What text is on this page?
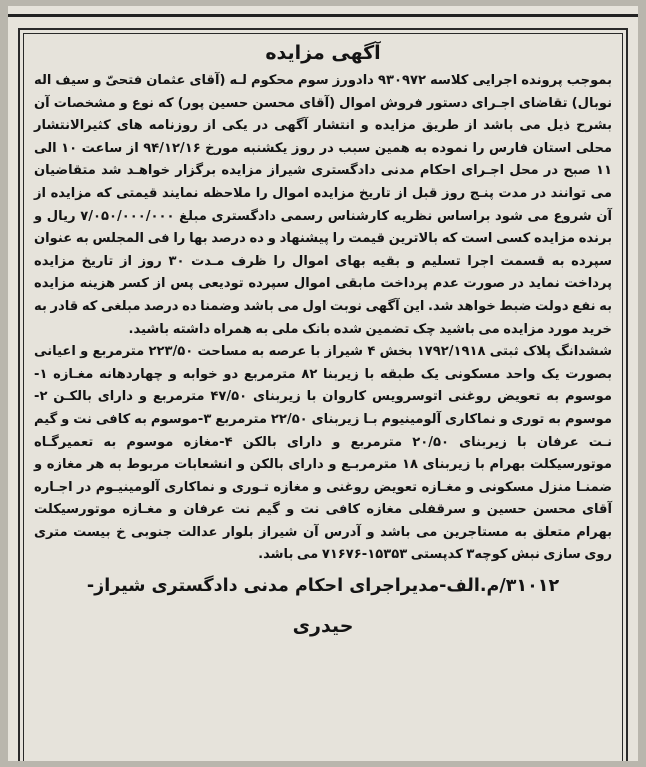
آگهی مزایده

بموجب پرونده اجرایی کلاسه ۹۳۰۹۷۲ دادورز سوم محکوم لـه (آقای عثمان فتحیّ و سیف اله نوبال) تقاضای اجـرای دستور فروش اموال (آقای محسن حسین پور) که نوع و مشخصات آن بشرح ذیل می باشد از طریق مزایده و انتشار آگهی در یکی از روزنامه های کثیرالانتشار محلی استان فارس را نموده به همین سبب در روز یکشنبه مورخ ۹۴/۱۲/۱۶ از ساعت ۱۰ الی ۱۱ صبح در محل اجـرای احکام مدنی دادگستری شیراز مزایده برگزار خواهـد شد متقاضیان می توانند در مدت پنـج روز قبل از تاریخ مزایده اموال را ملاحظه نمایند قیمتی که مزایده از آن شروع می شود براساس نظریه کارشناس رسمی دادگستری مبلغ ۷/۰۵۰/۰۰۰/۰۰۰ ریال و برنده مزایده کسی است که بالاترین قیمت را پیشنهاد و ده درصد بها را فی المجلس به عنوان سپرده به قسمت اجرا تسلیم و بقیه بهای اموال را ظرف مـدت ۳۰ روز از تاریخ مزایده پرداخت نماید در صورت عدم پرداخت مابقی اموال سپرده تودیعی پس از کسر هزینه مزایده به نفع دولت ضبط خواهد شد. این آگهی نوبت اول می باشد وضمنا ده درصد مبلغی که قادر به خرید مورد مزایده می باشید چک تضمین شده بانک ملی به همراه داشته باشید.

ششدانگ پلاک ثبتی ۱۷۹۲/۱۹۱۸ بخش ۴ شیراز با عرصه به مساحت ۲۲۳/۵۰ مترمربع و اعیانی بصورت یک واحد مسکونی یک طبقه با زیربنا ۸۲ مترمربع دو خوابه و چهاردهانه مغـازه ۱-موسوم به تعویض روغنی اتوسرویس کاروان با زیربنای ۴۷/۵۰ مترمربع و دارای بالکـن ۲-موسوم به توری و نماکاری آلومینیوم بـا زیربنای ۲۲/۵۰ مترمربع ۳-موسوم به کافی نت و گیم نـت عرفان با زیربنای ۲۰/۵۰ مترمربع و دارای بالکن ۴-مغازه موسوم به تعمیرگـاه موتورسیکلت بهرام با زیربنای ۱۸ مترمربـع و دارای بالکن و انشعابات مربوط به هر مغازه و ضمنـا منزل مسکونی و مغـازه تعویض روغنی و مغازه تـوری و نماکاری آلومینیـوم در اجـاره آقای محسن حسین و سرقفلی مغازه کافی نت و گیم نت عرفان و مغـازه موتورسیکلت بهرام متعلق به مستاجرین می باشد و آدرس آن شیراز بلوار عدالت جنوبی خ بیست متری روی سازی نبش کوچه۳ کدپستی ۱۵۳۵۳-۷۱۶۷۶ می باشد.

۳۱۰۱۲/م.الف-مدیراجرای احکام مدنی دادگستری شیراز-
حیدری
